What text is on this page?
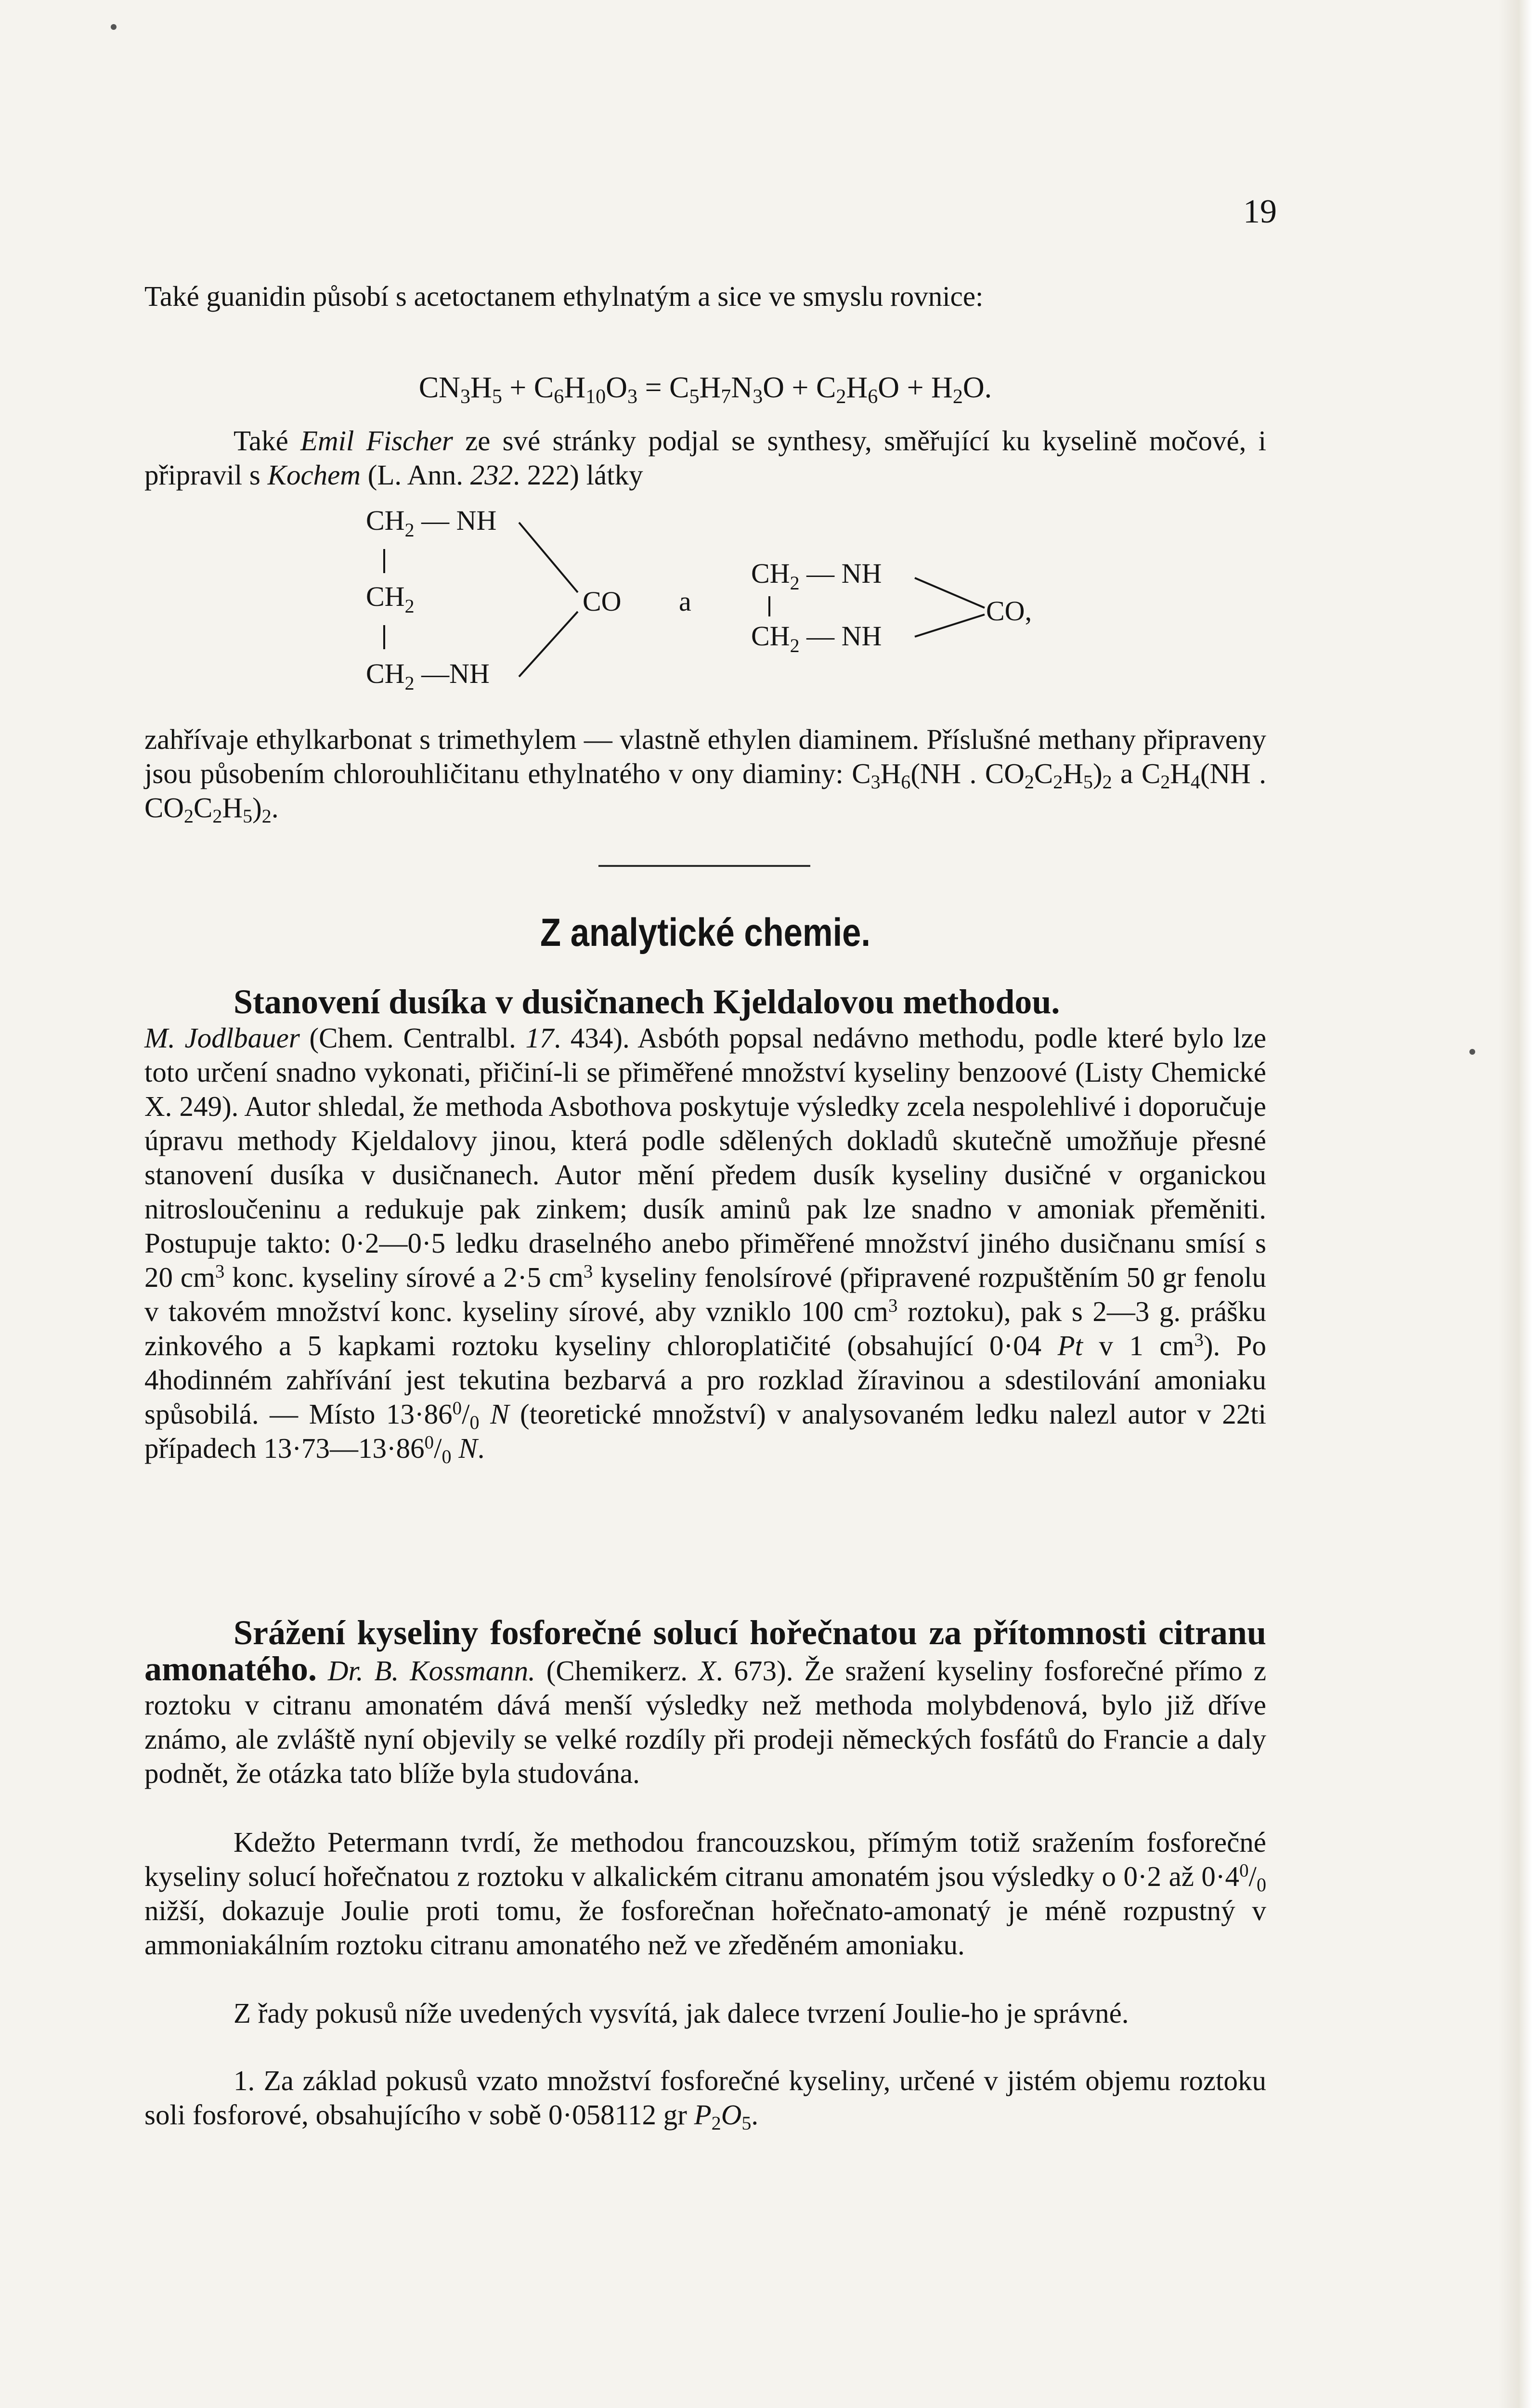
19

Také guanidin působí s acetoctanem ethylnatým a sice ve smyslu rovnice:

$CN_3H_5 + C_6H_{10}O_3 = C_5H_7N_3O + C_2H_6O + H_2O$.

Také Emil Fischer ze své stránky podjal se synthesy, směřující ku kyselině močové, i připravil s Kochem (L. Ann. 232. 222) látky

$CH_2$ — NH
$CH_2$
$CH_2$ —NH
CO a
$CH_2$ — NH
$CH_2$ — NH
CO,

zahřívaje ethylkarbonat s trimethylem — vlastně ethylen diaminem. Příslušné methany připraveny jsou působením chlorouhličitanu ethylnatého v ony diaminy: $C_3H_6(NH$ . $CO_2C_2H_5)_2$ a $C_2H_4(NH$ . $CO_2C_2H_5)_2$.

Z analytické chemie.

Stanovení dusíka v dusičnanech Kjeldalovou methodou.
M. Jodlbauer (Chem. Centralbl. 17. 434). Asbóth popsal nedávno methodu, podle které bylo lze toto určení snadno vykonati, přičiní-li se přiměřené množství kyseliny benzoové (Listy Chemické X. 249). Autor shledal, že methoda Asbothova poskytuje výsledky zcela nespolehlivé i doporučuje úpravu methody Kjeldalovy jinou, která podle sdělených dokladů skutečně umožňuje přesné stanovení dusíka v dusičnanech. Autor mění předem dusík kyseliny dusičné v organickou nitrosloučeninu a redukuje pak zinkem; dusík aminů pak lze snadno v amoniak přeměniti. Postupuje takto: 0·2—0·5 ledku draselného anebo přiměřené množství jiného dusičnanu smísí s 20 $cm^3$ konc. kyseliny sírové a 2·5 $cm^3$ kyseliny fenolsírové (připravené rozpuštěním 50 gr fenolu v takovém množství konc. kyseliny sírové, aby vzniklo 100 $cm^3$ roztoku), pak s 2—3 g. prášku zinkového a 5 kapkami roztoku kyseliny chloroplatičité (obsahující 0·04 Pt v 1 $cm^3$). Po 4hodinném zahřívání jest tekutina bezbarvá a pro rozklad žíravinou a sdestilování amoniaku spůsobilá. — Místo $13\cdot 86^0/_0$ N (teoretické množství) v analysovaném ledku nalezl autor v 22ti případech $13\cdot 73—13\cdot 86^0/_0$ N.

Srážení kyseliny fosforečné solucí hořečnatou za přítomnosti citranu amonatého. Dr. B. Kossmann. (Chemikerz. X. 673). Že sražení kyseliny fosforečné přímo z roztoku v citranu amonatém dává menší výsledky než methoda molybdenová, bylo již dříve známo, ale zvláště nyní objevily se velké rozdíly při prodeji německých fosfátů do Francie a daly podnět, že otázka tato blíže byla studována.

Kdežto Petermann tvrdí, že methodou francouzskou, přímým totiž sražením fosforečné kyseliny solucí hořečnatou z roztoku v alkalickém citranu amonatém jsou výsledky o 0·2 až $0\cdot 4^0/_0$ nižší, dokazuje Joulie proti tomu, že fosforečnan hořečnato-amonatý je méně rozpustný v ammoniakálním roztoku citranu amonatého než ve zředěném amoniaku.

Z řady pokusů níže uvedených vysvítá, jak dalece tvrzení Joulie-ho je správné.

1. Za základ pokusů vzato množství fosforečné kyseliny, určené v jistém objemu roztoku soli fosforové, obsahujícího v sobě 0·058112 gr $P_2O_5$.
